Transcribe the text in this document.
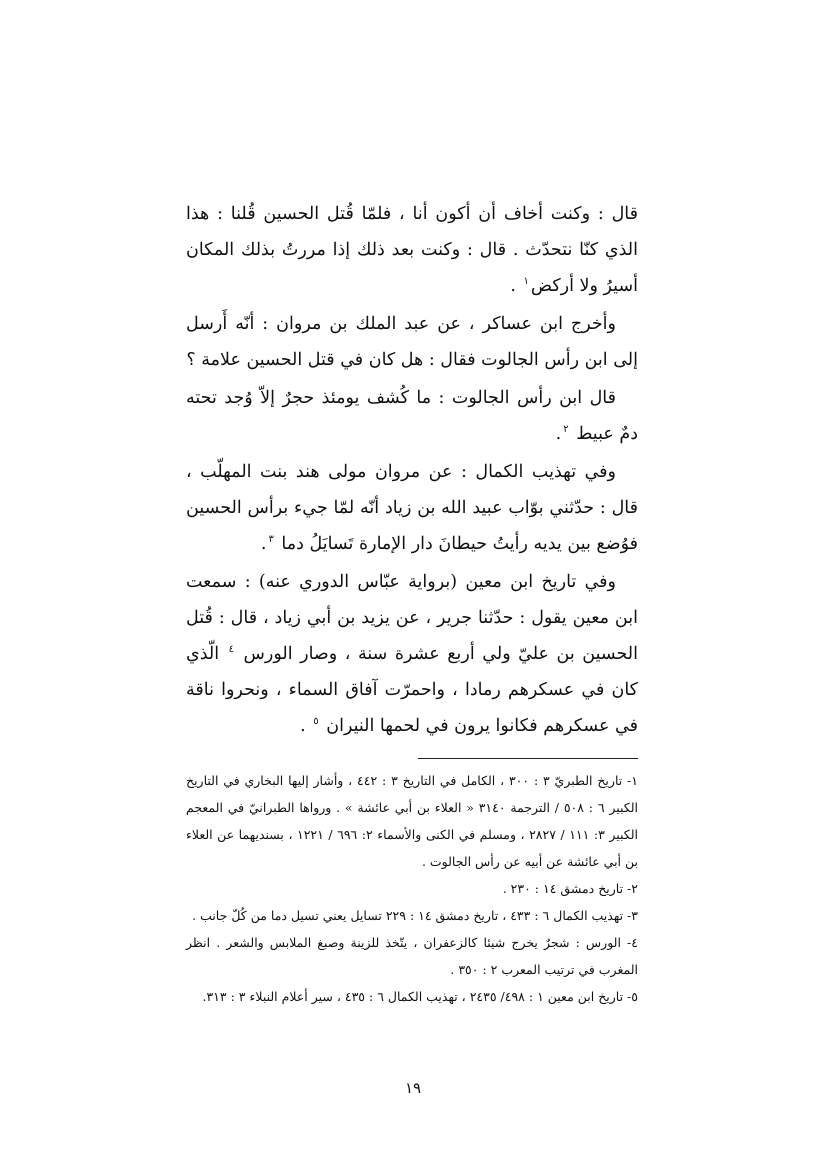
قال : وكنت أخاف أن أكون أنا ، فلمّا قُتل الحسين قُلنا : هذا الذي كنّا نتحدّث . قال : وكنت بعد ذلك إذا مررتُ بذلك المكان أسيرُ ولا أركض$^١$ .

وأخرج ابن عساكر ، عن عبد الملك بن مروان : أنّه أَرسل إلى ابن رأس الجالوت فقال : هل كان في قتل الحسين علامة ؟

قال ابن رأس الجالوت : ما كُشف يومئذ حجرٌ إلاّ وُجد تحته دمٌ عبيط $^٢$.

وفي تهذيب الكمال : عن مروان مولى هند بنت المهلّب ، قال : حدّثني بوّاب عبيد الله بن زياد أنّه لمّا جيء برأس الحسين فوُضع بين يديه رأيتُ حيطانَ دار الإمارة تَسايَلُ دما $^٣$.

وفي تاريخ ابن معين (برواية عبّاس الدوري عنه) : سمعت ابن معين يقول : حدّثنا جرير ، عن يزيد بن أبي زياد ، قال : قُتل الحسين بن عليّ ولي أربع عشرة سنة ، وصار الورس $^٤$ الّذي كان في عسكرهم رمادا ، واحمرّت آفاق السماء ، ونحروا ناقة في عسكرهم فكانوا يرون في لحمها النيران $^٥$ .

١- تاريخ الطبريّ ٣ : ٣٠٠ ، الكامل في التاريخ ٣ : ٤٤٢ ، وأشار إليها البخاري في التاريخ الكبير ٦ : ٥٠٨ / الترجمة ٣١٤٠ « العلاء بن أبي عائشة » . ورواها الطبرانيّ في المعجم الكبير ٣: ١١١ / ٢٨٢٧ ، ومسلم في الكنى والأسماء ٢: ٦٩٦ / ١٢٢١ ، بسنديهما عن العلاء بن أبي عائشة عن أبيه عن رأس الجالوت .

٢- تاريخ دمشق ١٤ : ٢٣٠ .

٣- تهذيب الكمال ٦ : ٤٣٣ ، تاريخ دمشق ١٤ : ٢٢٩ تسايل يعني تسيل دما من كُلّ جانب .

٤- الورس : شجرٌ يخرج شيئا كالزعفران ، يتّخذ للزينة وصبغ الملابس والشعر . انظر المغرب في ترتيب المعرب ٢ : ٣٥٠ .

٥- تاريخ ابن معين ١ : ٤٩٨/ ٢٤٣٥ ، تهذيب الكمال ٦ : ٤٣٥ ، سير أعلام النبلاء ٣ : ٣١٣.

١٩
